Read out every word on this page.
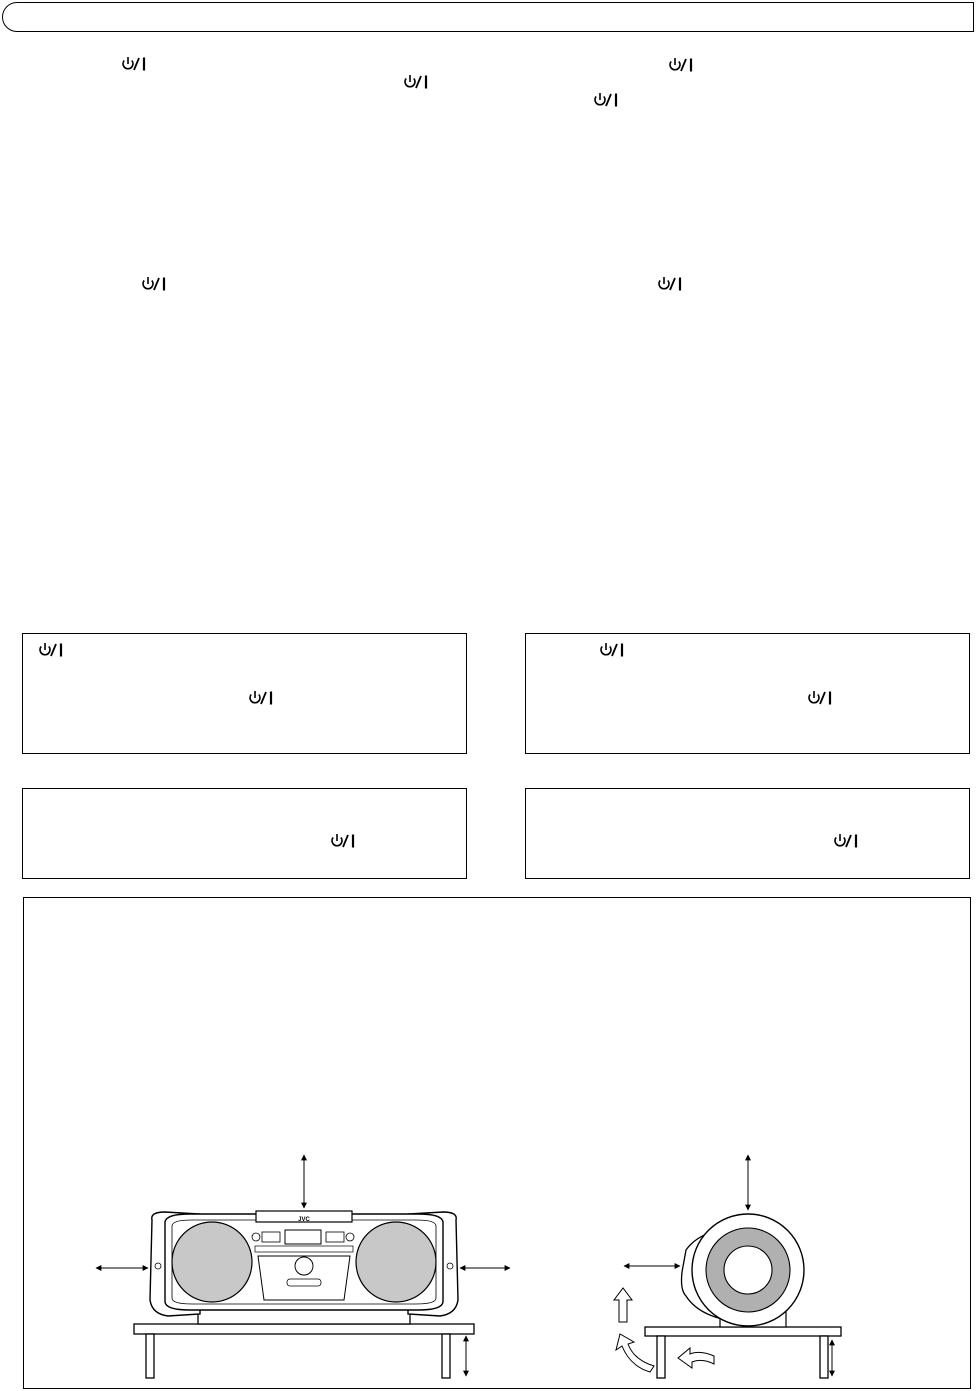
JVC
